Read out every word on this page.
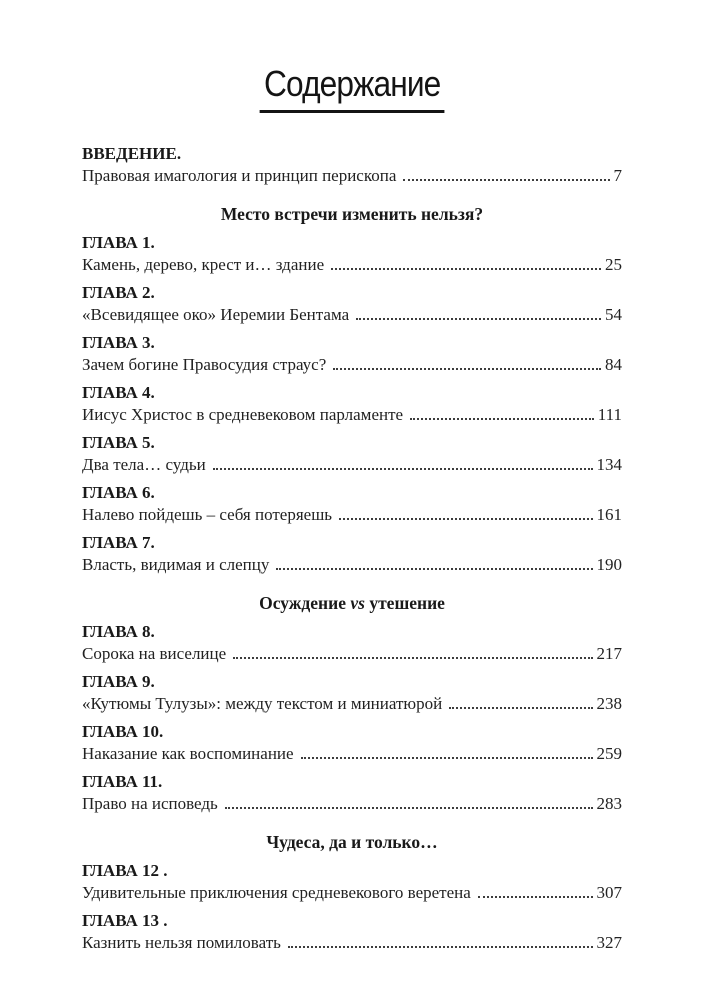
Содержание
ВВЕДЕНИЕ.
Правовая имагология и принцип перископа	7
Место встречи изменить нельзя?
ГЛАВА 1.
Камень, дерево, крест и… здание	25
ГЛАВА 2.
«Всевидящее око» Иеремии Бентама	54
ГЛАВА 3.
Зачем богине Правосудия страус?	84
ГЛАВА 4.
Иисус Христос в средневековом парламенте	111
ГЛАВА 5.
Два тела… судьи	134
ГЛАВА 6.
Налево пойдешь – себя потеряешь	161
ГЛАВА 7.
Власть, видимая и слепцу	190
Осуждение vs утешение
ГЛАВА 8.
Сорока на виселице	217
ГЛАВА 9.
«Кутюмы Тулузы»: между текстом и миниатюрой	238
ГЛАВА 10.
Наказание как воспоминание	259
ГЛАВА 11.
Право на исповедь	283
Чудеса, да и только…
ГЛАВА 12 .
Удивительные приключения средневекового веретена	307
ГЛАВА 13 .
Казнить нельзя помиловать	327
